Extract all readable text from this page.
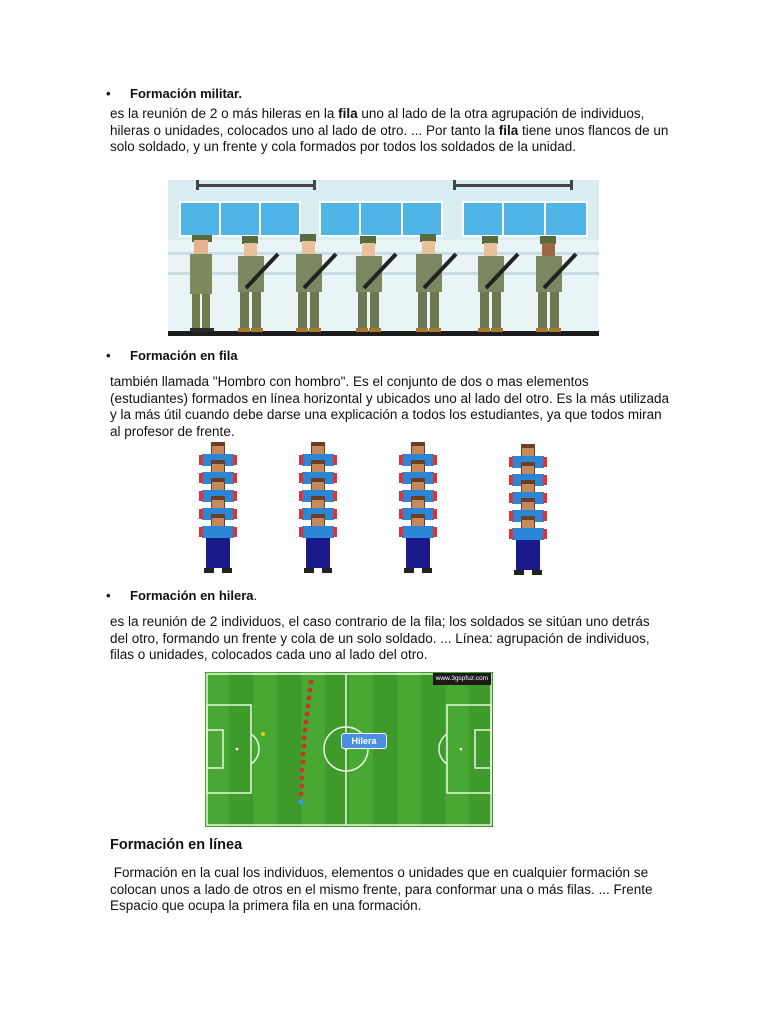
• Formación militar.

es la reunión de 2 o más hileras en la fila uno al lado de la otra agrupación de individuos, hileras o unidades, colocados uno al lado de otro. ... Por tanto la fila tiene unos flancos de un solo soldado, y un frente y cola formados por todos los soldados de la unidad.

• Formación en fila

también llamada "Hombro con hombro". Es el conjunto de dos o mas elementos (estudiantes) formados en línea horizontal y ubicados uno al lado del otro. Es la más utilizada y la más útil cuando debe darse una explicación a todos los estudiantes, ya que todos miran al profesor de frente.

• Formación en hilera.

es la reunión de 2 individuos, el caso contrario de la fila; los soldados se sitúan uno detrás del otro, formando un frente y cola de un solo soldado. ... Línea: agrupación de individuos, filas o unidades, colocados cada uno al lado del otro.

Hilera
www.3gspfuz.com
Formación en línea

Formación en la cual los individuos, elementos o unidades que en cualquier formación se colocan unos a lado de otros en el mismo frente, para conformar una o más filas. ... Frente Espacio que ocupa la primera fila en una formación.
